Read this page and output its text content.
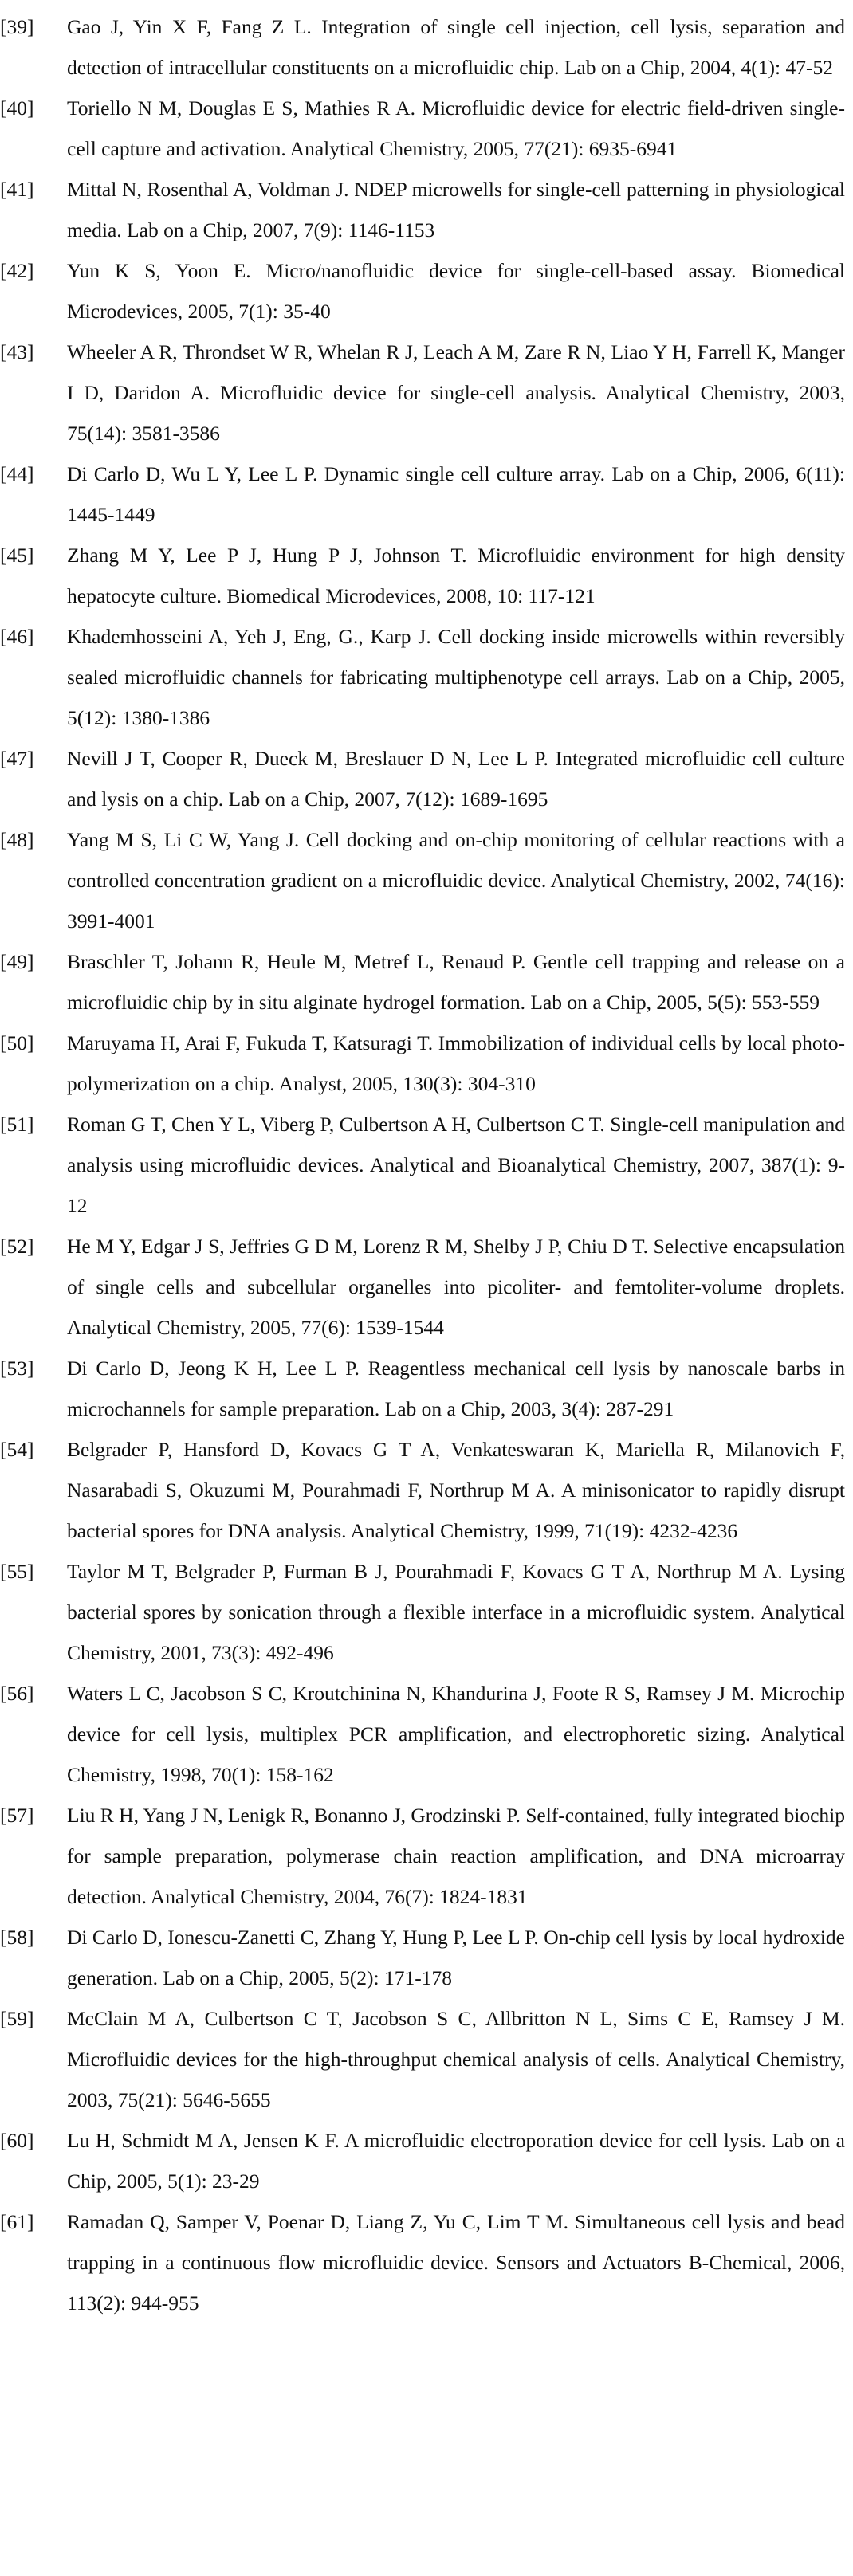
[39]	Gao J, Yin X F, Fang Z L. Integration of single cell injection, cell lysis, separation and detection of intracellular constituents on a microfluidic chip. Lab on a Chip, 2004, 4(1): 47-52
[40]	Toriello N M, Douglas E S, Mathies R A. Microfluidic device for electric field-driven single-cell capture and activation. Analytical Chemistry, 2005, 77(21): 6935-6941
[41]	Mittal N, Rosenthal A, Voldman J. NDEP microwells for single-cell patterning in physiological media. Lab on a Chip, 2007, 7(9): 1146-1153
[42]	Yun K S, Yoon E. Micro/nanofluidic device for single-cell-based assay. Biomedical Microdevices, 2005, 7(1): 35-40
[43]	Wheeler A R, Throndset W R, Whelan R J, Leach A M, Zare R N, Liao Y H, Farrell K, Manger I D, Daridon A. Microfluidic device for single-cell analysis. Analytical Chemistry, 2003, 75(14): 3581-3586
[44]	Di Carlo D, Wu L Y, Lee L P. Dynamic single cell culture array. Lab on a Chip, 2006, 6(11): 1445-1449
[45]	Zhang M Y, Lee P J, Hung P J, Johnson T. Microfluidic environment for high density hepatocyte culture. Biomedical Microdevices, 2008, 10: 117-121
[46]	Khademhosseini A, Yeh J, Eng, G., Karp J. Cell docking inside microwells within reversibly sealed microfluidic channels for fabricating multiphenotype cell arrays. Lab on a Chip, 2005, 5(12): 1380-1386
[47]	Nevill J T, Cooper R, Dueck M, Breslauer D N, Lee L P. Integrated microfluidic cell culture and lysis on a chip. Lab on a Chip, 2007, 7(12): 1689-1695
[48]	Yang M S, Li C W, Yang J. Cell docking and on-chip monitoring of cellular reactions with a controlled concentration gradient on a microfluidic device. Analytical Chemistry, 2002, 74(16): 3991-4001
[49]	Braschler T, Johann R, Heule M, Metref L, Renaud P. Gentle cell trapping and release on a microfluidic chip by in situ alginate hydrogel formation. Lab on a Chip, 2005, 5(5): 553-559
[50]	Maruyama H, Arai F, Fukuda T, Katsuragi T. Immobilization of individual cells by local photo-polymerization on a chip. Analyst, 2005, 130(3): 304-310
[51]	Roman G T, Chen Y L, Viberg P, Culbertson A H, Culbertson C T. Single-cell manipulation and analysis using microfluidic devices. Analytical and Bioanalytical Chemistry, 2007, 387(1): 9-12
[52]	He M Y, Edgar J S, Jeffries G D M, Lorenz R M, Shelby J P, Chiu D T. Selective encapsulation of single cells and subcellular organelles into picoliter- and femtoliter-volume droplets. Analytical Chemistry, 2005, 77(6): 1539-1544
[53]	Di Carlo D, Jeong K H, Lee L P. Reagentless mechanical cell lysis by nanoscale barbs in microchannels for sample preparation. Lab on a Chip, 2003, 3(4): 287-291
[54]	Belgrader P, Hansford D, Kovacs G T A, Venkateswaran K, Mariella R, Milanovich F, Nasarabadi S, Okuzumi M, Pourahmadi F, Northrup M A. A minisonicator to rapidly disrupt bacterial spores for DNA analysis. Analytical Chemistry, 1999, 71(19): 4232-4236
[55]	Taylor M T, Belgrader P, Furman B J, Pourahmadi F, Kovacs G T A, Northrup M A. Lysing bacterial spores by sonication through a flexible interface in a microfluidic system. Analytical Chemistry, 2001, 73(3): 492-496
[56]	Waters L C, Jacobson S C, Kroutchinina N, Khandurina J, Foote R S, Ramsey J M. Microchip device for cell lysis, multiplex PCR amplification, and electrophoretic sizing. Analytical Chemistry, 1998, 70(1): 158-162
[57]	Liu R H, Yang J N, Lenigk R, Bonanno J, Grodzinski P. Self-contained, fully integrated biochip for sample preparation, polymerase chain reaction amplification, and DNA microarray detection. Analytical Chemistry, 2004, 76(7): 1824-1831
[58]	Di Carlo D, Ionescu-Zanetti C, Zhang Y, Hung P, Lee L P. On-chip cell lysis by local hydroxide generation. Lab on a Chip, 2005, 5(2): 171-178
[59]	McClain M A, Culbertson C T, Jacobson S C, Allbritton N L, Sims C E, Ramsey J M. Microfluidic devices for the high-throughput chemical analysis of cells. Analytical Chemistry, 2003, 75(21): 5646-5655
[60]	Lu H, Schmidt M A, Jensen K F. A microfluidic electroporation device for cell lysis. Lab on a Chip, 2005, 5(1): 23-29
[61]	Ramadan Q, Samper V, Poenar D, Liang Z, Yu C, Lim T M. Simultaneous cell lysis and bead trapping in a continuous flow microfluidic device. Sensors and Actuators B-Chemical, 2006, 113(2): 944-955
